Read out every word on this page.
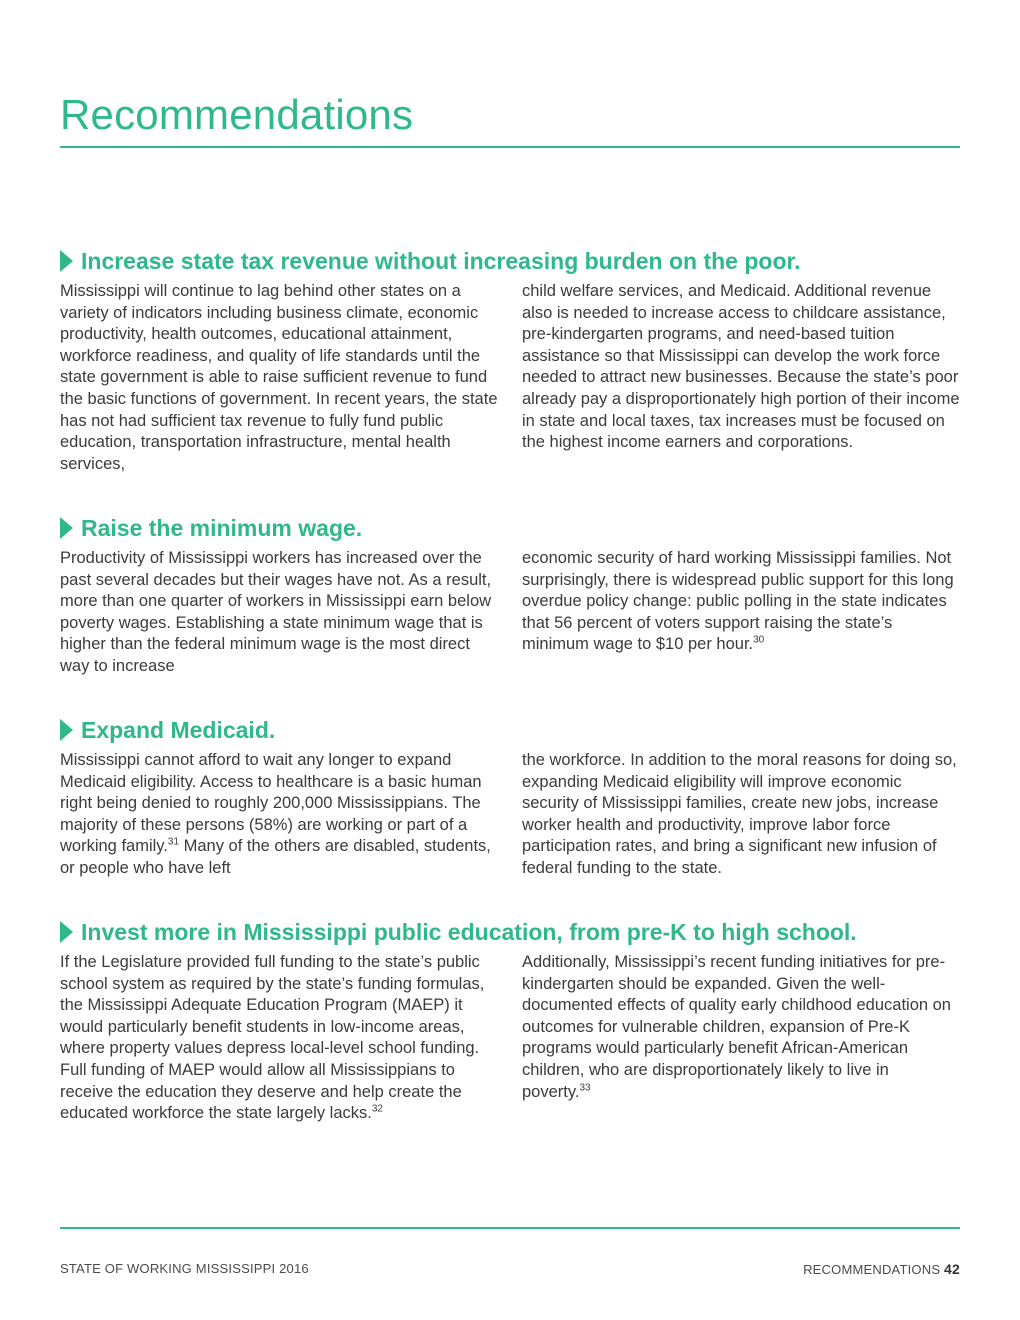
Recommendations
Increase state tax revenue without increasing burden on the poor.

Mississippi will continue to lag behind other states on a variety of indicators including business climate, economic productivity, health outcomes, educational attainment, workforce readiness, and quality of life standards until the state government is able to raise sufficient revenue to fund the basic functions of government. In recent years, the state has not had sufficient tax revenue to fully fund public education, transportation infrastructure, mental health services,

child welfare services, and Medicaid. Additional revenue also is needed to increase access to childcare assistance, pre-kindergarten programs, and need-based tuition assistance so that Mississippi can develop the work force needed to attract new businesses. Because the state’s poor already pay a disproportionately high portion of their income in state and local taxes, tax increases must be focused on the highest income earners and corporations.

Raise the minimum wage.

Productivity of Mississippi workers has increased over the past several decades but their wages have not. As a result, more than one quarter of workers in Mississippi earn below poverty wages. Establishing a state minimum wage that is higher than the federal minimum wage is the most direct way to increase

economic security of hard working Mississippi families. Not surprisingly, there is widespread public support for this long overdue policy change: public polling in the state indicates that 56 percent of voters support raising the state’s minimum wage to $10 per hour.$^{30}$

Expand Medicaid.

Mississippi cannot afford to wait any longer to expand Medicaid eligibility. Access to healthcare is a basic human right being denied to roughly 200,000 Mississippians. The majority of these persons (58%) are working or part of a working family.$^{31}$ Many of the others are disabled, students, or people who have left

the workforce. In addition to the moral reasons for doing so, expanding Medicaid eligibility will improve economic security of Mississippi families, create new jobs, increase worker health and productivity, improve labor force participation rates, and bring a significant new infusion of federal funding to the state.

Invest more in Mississippi public education, from pre-K to high school.

If the Legislature provided full funding to the state’s public school system as required by the state’s funding formulas, the Mississippi Adequate Education Program (MAEP) it would particularly benefit students in low-income areas, where property values depress local-level school funding. Full funding of MAEP would allow all Mississippians to receive the education they deserve and help create the educated workforce the state largely lacks.$^{32}$

Additionally, Mississippi’s recent funding initiatives for pre-kindergarten should be expanded. Given the well-documented effects of quality early childhood education on outcomes for vulnerable children, expansion of Pre-K programs would particularly benefit African-American children, who are disproportionately likely to live in poverty.$^{33}$

STATE OF WORKING MISSISSIPPI 2016	RECOMMENDATIONS 42
